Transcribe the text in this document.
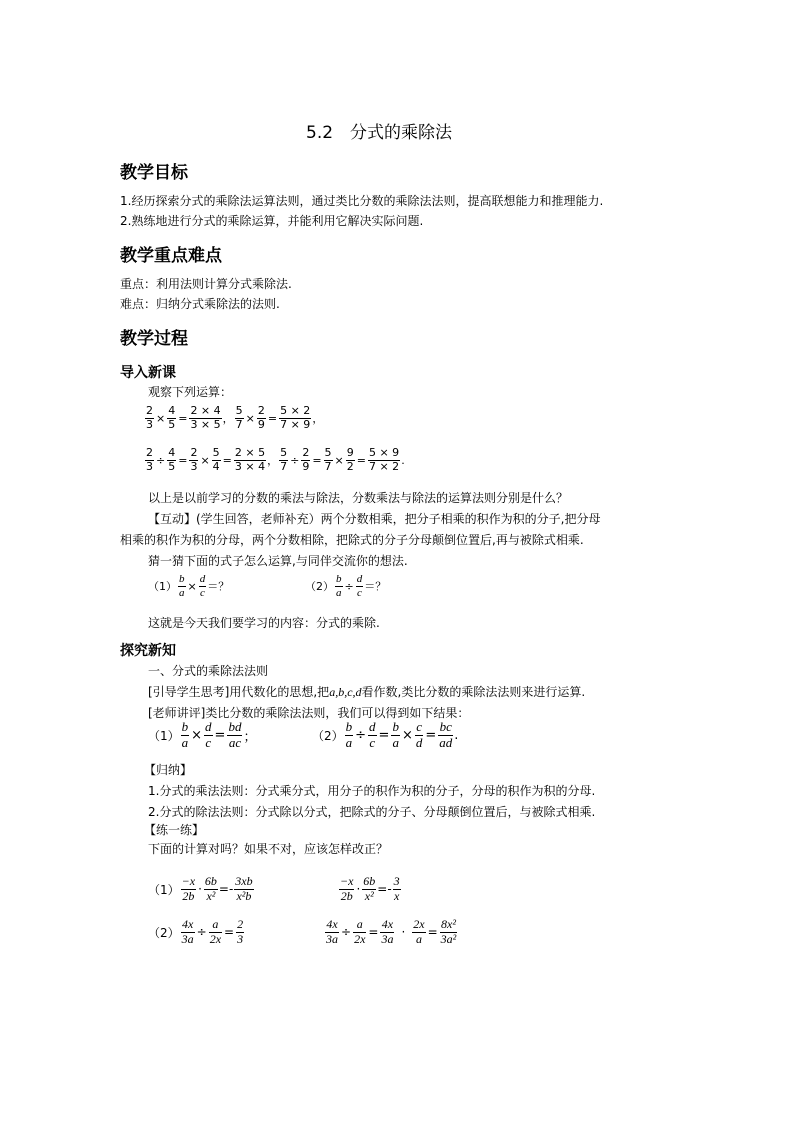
5.2　分式的乘除法
教学目标
1.经历探索分式的乘除法运算法则，通过类比分数的乘除法法则，提高联想能力和推理能力.
2.熟练地进行分式的乘除运算，并能利用它解决实际问题.
教学重点难点
重点：利用法则计算分式乘除法.
难点：归纳分式乘除法的法则.
教学过程
导入新课
观察下列运算：
$\frac{2}{3} \times \frac{4}{5} = \frac{2 \times 4}{3 \times 5}$ ， $\frac{5}{7} \times \frac{2}{9} = \frac{5 \times 2}{7 \times 9}$ ，
$\frac{2}{3} \div \frac{4}{5} = \frac{2}{3} \times \frac{5}{4} = \frac{2 \times 5}{3 \times 4}$ ， $\frac{5}{7} \div \frac{2}{9} = \frac{5}{7} \times \frac{9}{2} = \frac{5 \times 9}{7 \times 2}$ .
以上是以前学习的分数的乘法与除法，分数乘法与除法的运算法则分别是什么？
【互动】(学生回答，老师补充）两个分数相乘，把分子相乘的积作为积的分子,把分母
相乘的积作为积的分母，两个分数相除，把除式的分子分母颠倒位置后,再与被除式相乘.
猜一猜下面的式子怎么运算,与同伴交流你的想法.
$(1) \frac{b}{a} \times \frac{d}{c}$ ＝？	$(2) \frac{b}{a} \div \frac{d}{c}$ ＝？
这就是今天我们要学习的内容：分式的乘除.
探究新知
一、分式的乘除法法则
[引导学生思考]用代数化的思想,把a,b,c,d看作数,类比分数的乘除法法则来进行运算.
[老师讲评]类比分数的乘除法法则，我们可以得到如下结果：
$(1) \frac{b}{a} \times \frac{d}{c} = \frac{bd}{ac}$ ；	$(2) \frac{b}{a} \div \frac{d}{c} = \frac{b}{a} \times \frac{c}{d} = \frac{bc}{ad}$ .
【归纳】
1.分式的乘法法则：分式乘分式，用分子的积作为积的分子，分母的积作为积的分母.
2.分式的除法法则：分式除以分式，把除式的分子、分母颠倒位置后，与被除式相乘.
【练一练】
下面的计算对吗？如果不对，应该怎样改正？
$(1) \frac{-x}{2b} \cdot \frac{6b}{\text{x²}} =- \frac{3xb}{\text{x²b}}$	$\frac{-x}{2b} \cdot \frac{6b}{\text{x²}} =- \frac{3}{x}$
$(2) \frac{4x}{3a} \div \frac{a}{2x} = \frac{2}{3}$	$\frac{4x}{3a} \div \frac{a}{2x} = \frac{4x}{3a} \cdot \frac{2x}{a} = \frac{\text{8x²}}{\text{3a²}}$
